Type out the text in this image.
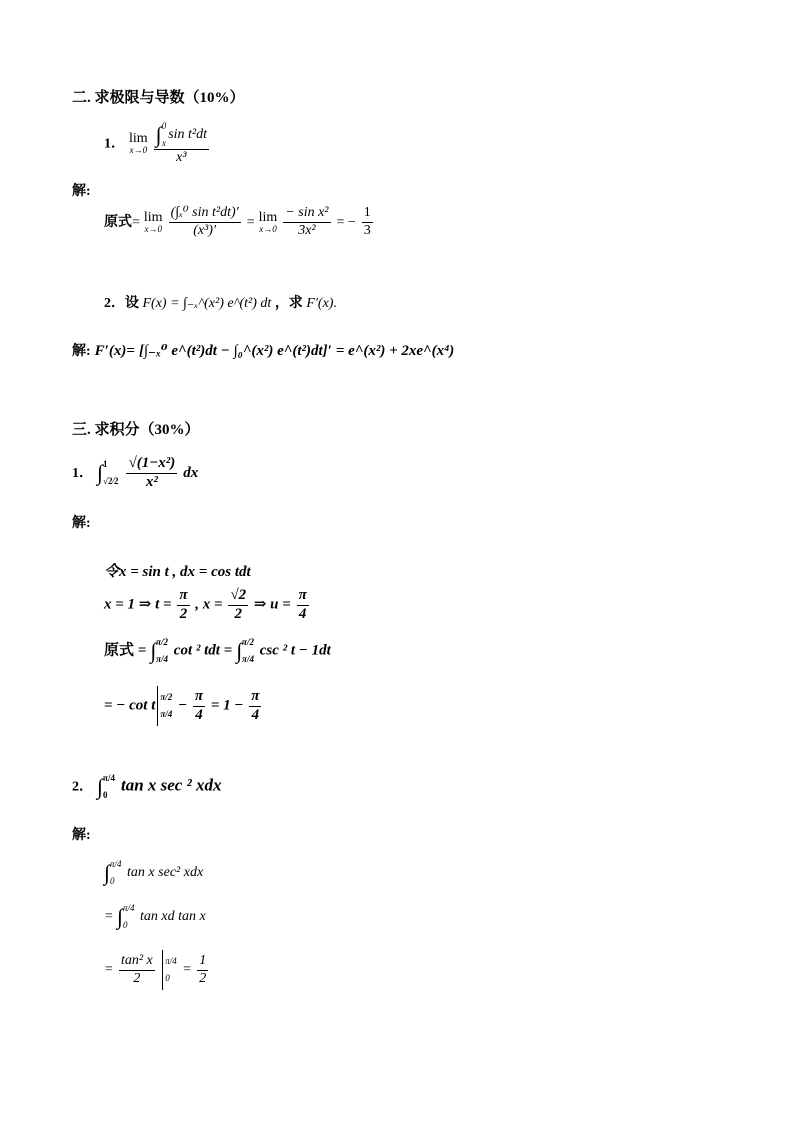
二. 求极限与导数（10%）
1． lim
x→0
∫ 0
x
sin t²dt
x³
解:
原式= lim
x→0
$\frac{\text{(∫ₓ⁰ sin t²dt)′}}{\text{(x³)′}} = \lim$
x→0
$\frac{\text{− sin x²}}{\text{3x²}}$ = − $\frac{1}{3}$
2．设 F(x) = ∫₋ₓ^(x²) e^(t²) dt ，求 F′(x).
解: F′(x)= [∫₋ₓ⁰ e^(t²)dt − ∫₀^(x²) e^(t²)dt]′ = e^(x²) + 2xe^(x⁴)
三. 求积分（30%）
1． ∫ 1
√2⁄2
$\frac{\text{√(1−x²)}}{\text{x²}}$ dx
解:
令x = sin t , dx = cos tdt
x = 1 ⇒ $t = \frac{\pi}{2}$ , $x = \frac{√2}{2}$ ⇒ $u = \frac{\pi}{4}$
原式 = ∫ π/2
π/4
cot ² tdt = ∫ π/2
π/4
csc ² t − 1dt
= − cot t
π/2
π/4
− $\frac{\pi}{4} = 1 - \frac{\pi}{4}$
2． ∫ π/4
0
tan x sec ² xdx
解:
∫ π/4
0
tan x sec² xdx
= ∫ π/4
0
tan xd tan x
= $\frac{\text{tan² x}}{2}$
π/4
0
= $\frac{1}{2}$
